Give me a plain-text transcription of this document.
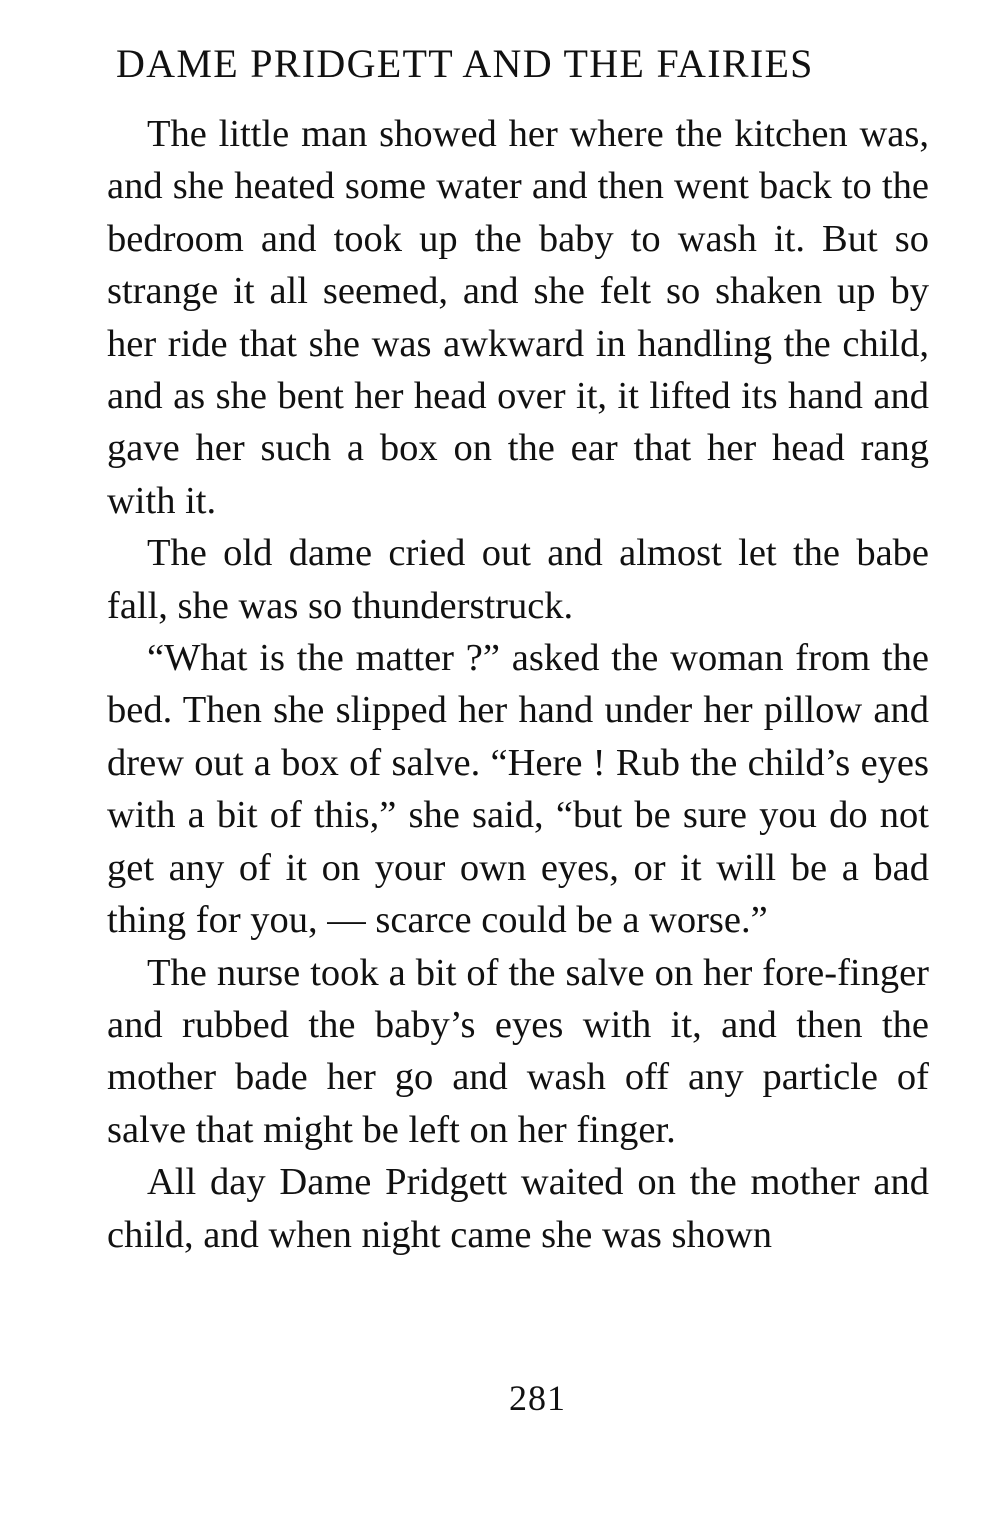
DAME PRIDGETT AND THE FAIRIES

The little man showed her where the kitchen was, and she heated some water and then went back to the bedroom and took up the baby to wash it. But so strange it all seemed, and she felt so shaken up by her ride that she was awkward in handling the child, and as she bent her head over it, it lifted its hand and gave her such a box on the ear that her head rang with it.

The old dame cried out and almost let the babe fall, she was so thunderstruck.

“What is the matter ?” asked the woman from the bed. Then she slipped her hand under her pillow and drew out a box of salve. “Here ! Rub the child’s eyes with a bit of this,” she said, “but be sure you do not get any of it on your own eyes, or it will be a bad thing for you, — scarce could be a worse.”

The nurse took a bit of the salve on her fore-finger and rubbed the baby’s eyes with it, and then the mother bade her go and wash off any particle of salve that might be left on her finger.

All day Dame Pridgett waited on the mother and child, and when night came she was shown

281
